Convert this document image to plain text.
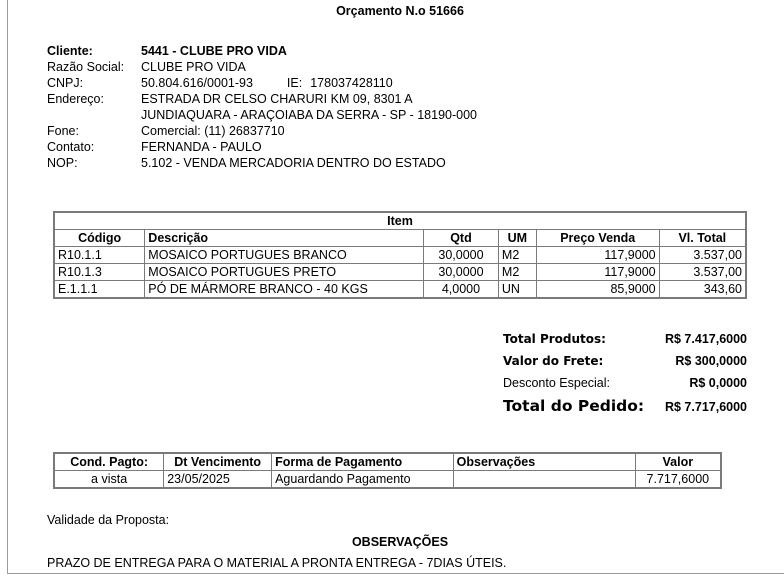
Orçamento N.o 51666
Cliente:	5441 - CLUBE PRO VIDA
Razão Social:	CLUBE PRO VIDA
CNPJ:	50.804.616/0001-93	IE: 178037428110
Endereço:	ESTRADA DR CELSO CHARURI KM 09, 8301 A
JUNDIAQUARA - ARAÇOIABA DA SERRA - SP - 18190-000
Fone:	Comercial: (11) 26837710
Contato:	FERNANDA - PAULO
NOP:	5.102 - VENDA MERCADORIA DENTRO DO ESTADO
Item					
Código	Descrição	Qtd	UM	Preço Venda	Vl. Total
R10.1.1	MOSAICO PORTUGUES BRANCO	30,0000	M2	117,9000	3.537,00
R10.1.3	MOSAICO PORTUGUES PRETO	30,0000	M2	117,9000	3.537,00
E.1.1.1	PÓ DE MÁRMORE BRANCO - 40 KGS	4,0000	UN	85,9000	343,60
Total Produtos:	R$ 7.417,6000
Valor do Frete:	R$ 300,0000
Desconto Especial:	R$ 0,0000
Total do Pedido: R$ 7.717,6000
Cond. Pagto:	Dt Vencimento	Forma de Pagamento	Observações	Valor
a vista	23/05/2025	Aguardando Pagamento		7.717,6000
Validade da Proposta:
OBSERVAÇÕES
PRAZO DE ENTREGA PARA O MATERIAL A PRONTA ENTREGA - 7DIAS ÚTEIS.
